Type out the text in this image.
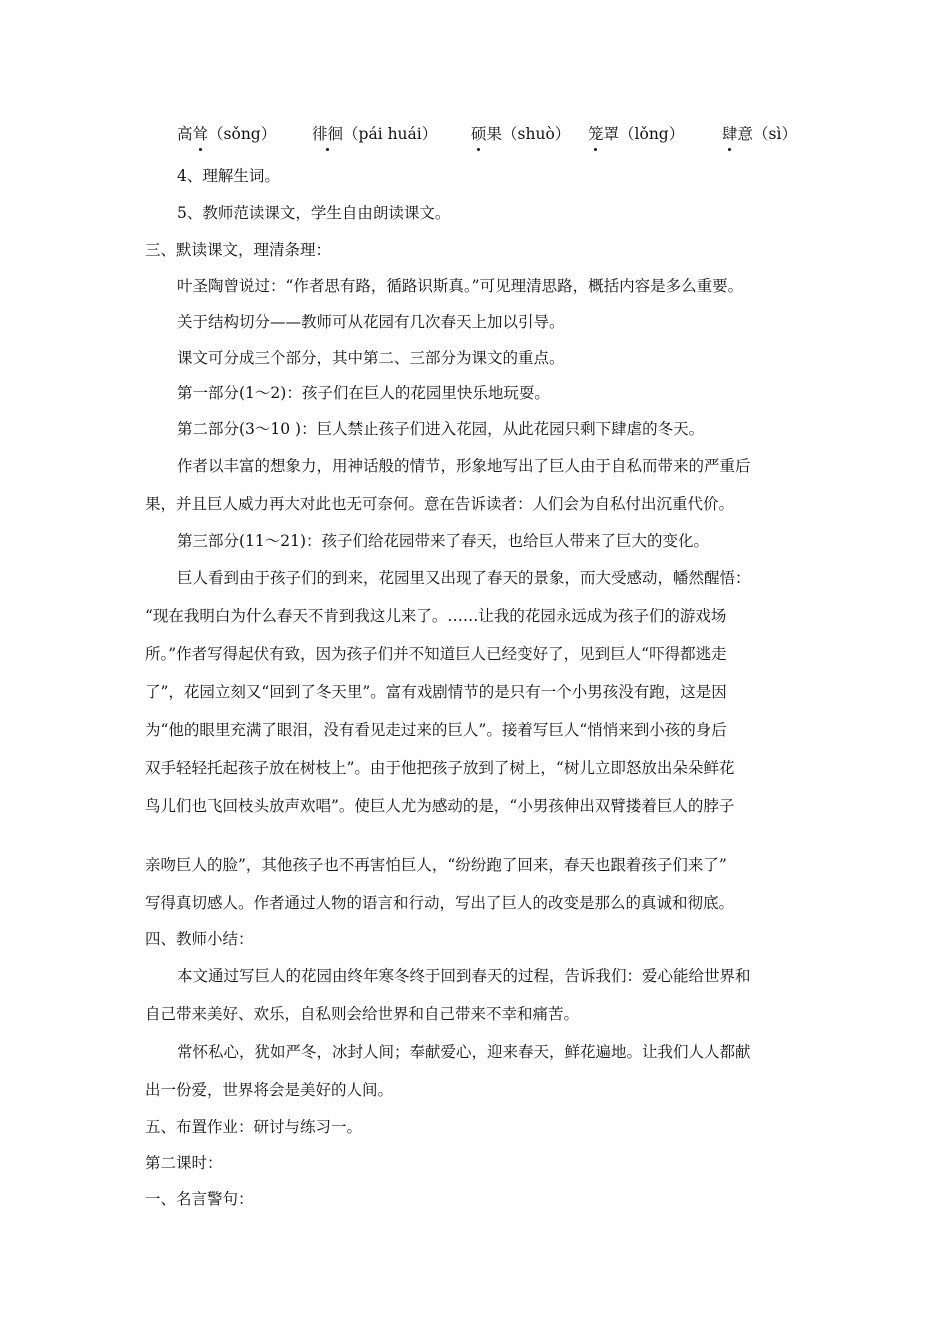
高耸（sǒng） 徘徊（pái huái） 硕果（shuò） 笼罩（lǒng） 肆意（sì）
4、理解生词。
5、教师范读课文，学生自由朗读课文。
三、默读课文，理清条理：
叶圣陶曾说过：“作者思有路，循路识斯真。”可见理清思路，概括内容是多么重要。
关于结构切分——教师可从花园有几次春天上加以引导。
课文可分成三个部分，其中第二、三部分为课文的重点。
第一部分(1～2)：孩子们在巨人的花园里快乐地玩耍。
第二部分(3～10 )：巨人禁止孩子们进入花园，从此花园只剩下肆虐的冬天。
作者以丰富的想象力，用神话般的情节，形象地写出了巨人由于自私而带来的严重后
果，并且巨人威力再大对此也无可奈何。意在告诉读者：人们会为自私付出沉重代价。
第三部分(11～21)：孩子们给花园带来了春天，也给巨人带来了巨大的变化。
巨人看到由于孩子们的到来，花园里又出现了春天的景象，而大受感动，幡然醒悟：
“现在我明白为什么春天不肯到我这儿来了。……让我的花园永远成为孩子们的游戏场
所。”作者写得起伏有致，因为孩子们并不知道巨人已经变好了，见到巨人“吓得都逃走
了”，花园立刻又“回到了冬天里”。富有戏剧情节的是只有一个小男孩没有跑，这是因
为“他的眼里充满了眼泪，没有看见走过来的巨人”。接着写巨人“悄悄来到小孩的身后
双手轻轻托起孩子放在树枝上”。由于他把孩子放到了树上，“树儿立即怒放出朵朵鲜花
鸟儿们也飞回枝头放声欢唱”。使巨人尤为感动的是，“小男孩伸出双臂搂着巨人的脖子
亲吻巨人的脸”，其他孩子也不再害怕巨人，“纷纷跑了回来，春天也跟着孩子们来了”
写得真切感人。作者通过人物的语言和行动，写出了巨人的改变是那么的真诚和彻底。
四、教师小结：
本文通过写巨人的花园由终年寒冬终于回到春天的过程，告诉我们：爱心能给世界和
自己带来美好、欢乐，自私则会给世界和自己带来不幸和痛苦。
常怀私心，犹如严冬，冰封人间；奉献爱心，迎来春天，鲜花遍地。让我们人人都献
出一份爱，世界将会是美好的人间。
五、布置作业：研讨与练习一。
第二课时：
一、名言警句：
